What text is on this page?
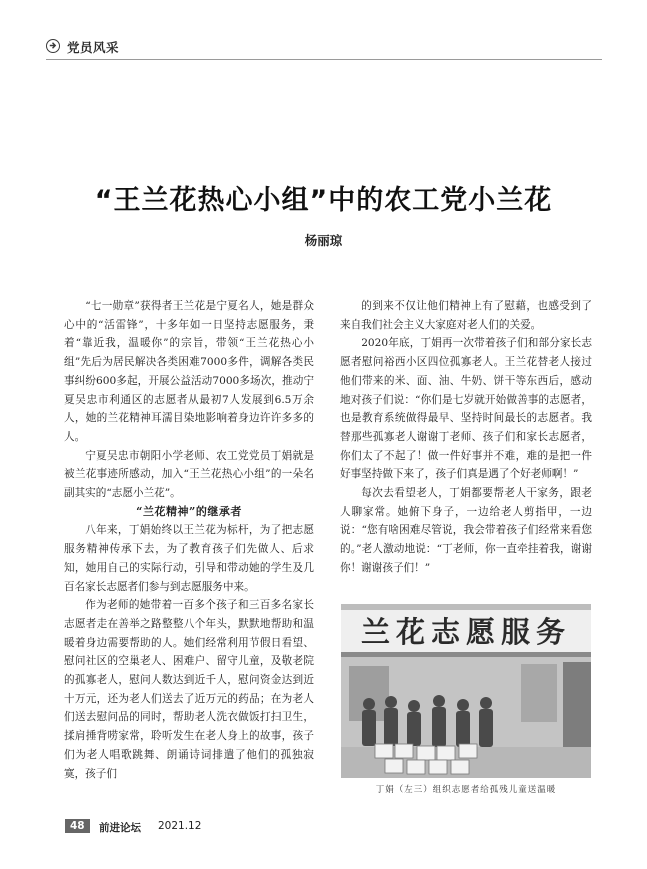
党员风采
“王兰花热心小组”中的农工党小兰花
杨丽琼

“七一勋章”获得者王兰花是宁夏名人，她是群众心中的“活雷锋”，十多年如一日坚持志愿服务，秉着“靠近我，温暖你”的宗旨，带领“王兰花热心小组”先后为居民解决各类困难7000多件，调解各类民事纠纷600多起，开展公益活动7000多场次，推动宁夏吴忠市利通区的志愿者从最初7人发展到6.5万余人，她的兰花精神耳濡目染地影响着身边许许多多的人。

宁夏吴忠市朝阳小学老师、农工党党员丁娟就是被兰花事迹所感动，加入“王兰花热心小组”的一朵名副其实的“志愿小兰花”。

“兰花精神”的继承者

八年来，丁娟始终以王兰花为标杆，为了把志愿服务精神传承下去，为了教育孩子们先做人、后求知，她用自己的实际行动，引导和带动她的学生及几百名家长志愿者们参与到志愿服务中来。

作为老师的她带着一百多个孩子和三百多名家长志愿者走在善举之路整整八个年头，默默地帮助和温暖着身边需要帮助的人。她们经常利用节假日看望、慰问社区的空巢老人、困难户、留守儿童，及敬老院的孤寡老人，慰问人数达到近千人，慰问资金达到近十万元，还为老人们送去了近万元的药品；在为老人们送去慰问品的同时，帮助老人洗衣做饭打扫卫生，揉肩捶背唠家常，聆听发生在老人身上的故事，孩子们为老人唱歌跳舞、朗诵诗词排遣了他们的孤独寂寞，孩子们

的到来不仅让他们精神上有了慰藉，也感受到了来自我们社会主义大家庭对老人们的关爱。

2020年底，丁娟再一次带着孩子们和部分家长志愿者慰问裕西小区四位孤寡老人。王兰花替老人接过他们带来的米、面、油、牛奶、饼干等东西后，感动地对孩子们说：“你们是七岁就开始做善事的志愿者，也是教育系统做得最早、坚持时间最长的志愿者。我替那些孤寡老人谢谢丁老师、孩子们和家长志愿者，你们太了不起了！做一件好事并不难，难的是把一件好事坚持做下来了，孩子们真是遇了个好老师啊！”

每次去看望老人，丁娟都要帮老人干家务，跟老人聊家常。她俯下身子，一边给老人剪指甲，一边说：“您有啥困难尽管说，我会带着孩子们经常来看您的。”老人激动地说：“丁老师，你一直牵挂着我，谢谢你！谢谢孩子们！”

兰花志愿服务
丁娟（左三）组织志愿者给孤残儿童送温暖
48	前进论坛 2021.12
